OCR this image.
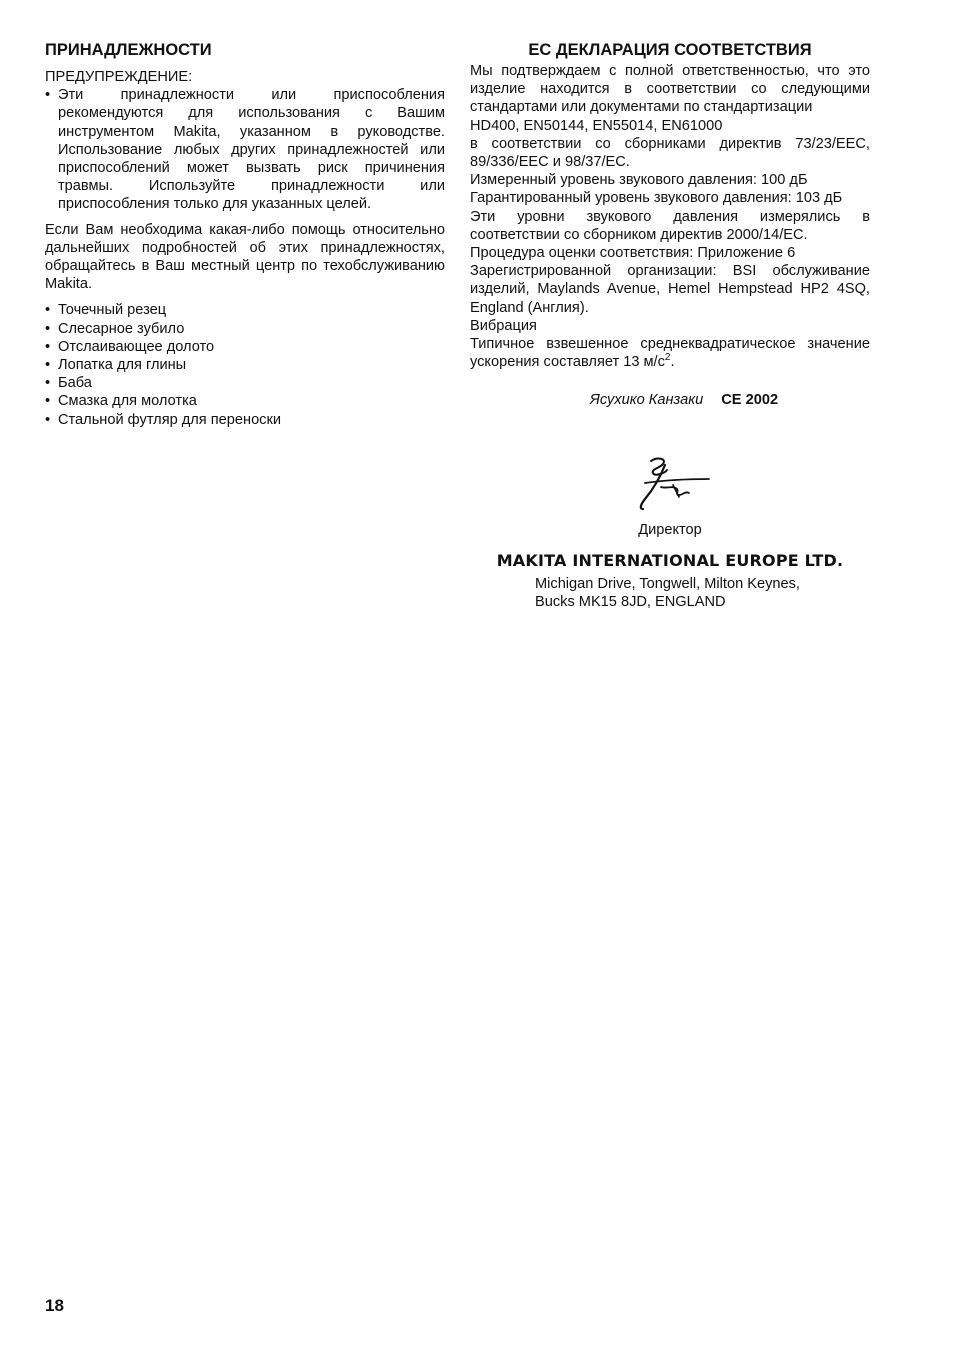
ПРИНАДЛЕЖНОСТИ
ПРЕДУПРЕЖДЕНИЕ:
• Эти принадлежности или приспособления рекомендуются для использования с Вашим инструментом Makita, указанном в руководстве. Использование любых других принадлежностей или приспособлений может вызвать риск причинения травмы. Используйте принадлежности или приспособления только для указанных целей.

Если Вам необходима какая-либо помощь относительно дальнейших подробностей об этих принадлежностях, обращайтесь в Ваш местный центр по техобслуживанию Makita.

• Точечный резец
• Слесарное зубило
• Отслаивающее долото
• Лопатка для глины
• Баба
• Смазка для молотка
• Стальной футляр для переноски
ЕС ДЕКЛАРАЦИЯ СООТВЕТСТВИЯ

Мы подтверждаем с полной ответственностью, что это изделие находится в соответствии со следующими стандартами или документами по стандартизации

HD400, EN50144, EN55014, EN61000

в соответствии со сборниками директив 73/23/EEC, 89/336/EEC и 98/37/EC.

Измеренный уровень звукового давления: 100 дБ

Гарантированный уровень звукового давления: 103 дБ

Эти уровни звукового давления измерялись в соответствии со сборником директив 2000/14/EC.

Процедура оценки соответствия: Приложение 6

Зарегистрированной организации: BSI обслуживание изделий, Maylands Avenue, Hemel Hempstead HP2 4SQ, England (Англия).

Вибрация

Типичное взвешенное среднеквадратическое значение ускорения составляет 13 $м/с^2$.

Ясухико Канзаки CE 2002
Директор
MAKITA INTERNATIONAL EUROPE LTD.
Michigan Drive, Tongwell, Milton Keynes,
Bucks MK15 8JD, ENGLAND
18
